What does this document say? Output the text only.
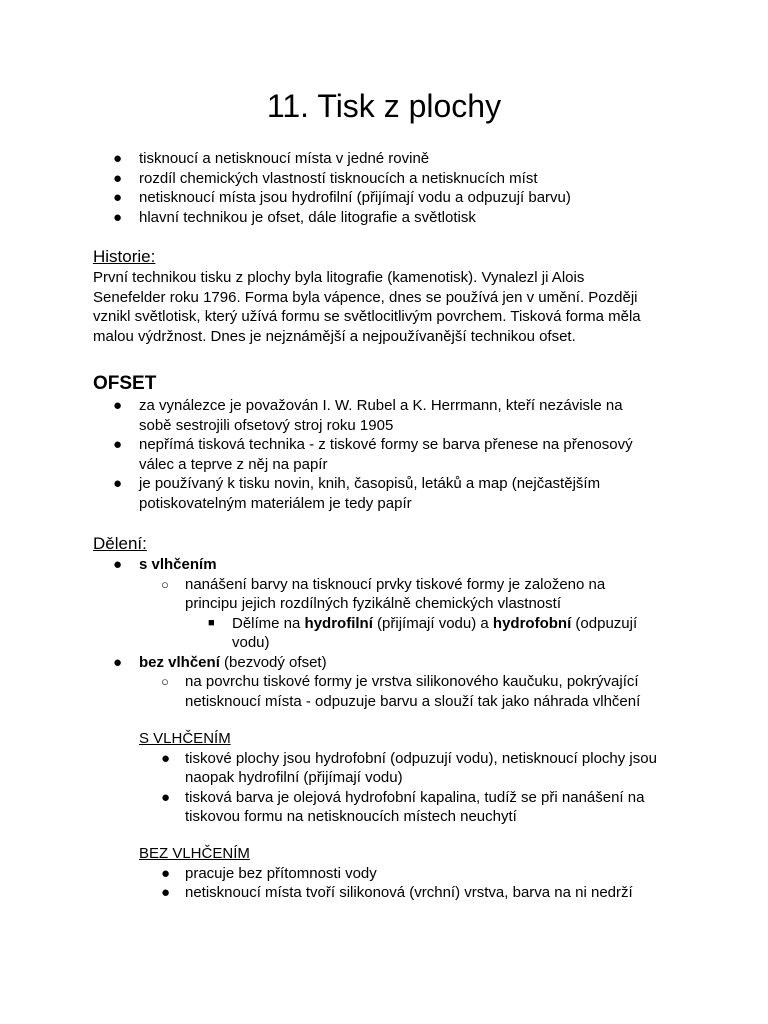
11. Tisk z plochy
●	tisknoucí a netisknoucí místa v jedné rovině
●	rozdíl chemických vlastností tisknoucích a netisknucích míst
●	netisknoucí místa jsou hydrofilní (přijímají vodu a odpuzují barvu)
●	hlavní technikou je ofset, dále litografie a světlotisk
Historie:
První technikou tisku z plochy byla litografie (kamenotisk). Vynalezl ji Alois
Senefelder roku 1796. Forma byla vápence, dnes se používá jen v umění. Později
vznikl světlotisk, který užívá formu se světlocitlivým povrchem. Tisková forma měla
malou výdržnost. Dnes je nejznámější a nejpoužívanější technikou ofset.
OFSET
●	za vynálezce je považován I. W. Rubel a K. Herrmann, kteří nezávisle na
sobě sestrojili ofsetový stroj roku 1905
●	nepřímá tisková technika - z tiskové formy se barva přenese na přenosový
válec a teprve z něj na papír
●	je používaný k tisku novin, knih, časopisů, letáků a map (nejčastějším
potiskovatelným materiálem je tedy papír
Dělení:
●	s vlhčením
○	nanášení barvy na tisknoucí prvky tiskové formy je založeno na
principu jejich rozdílných fyzikálně chemických vlastností
■	Dělíme na hydrofilní (přijímají vodu) a hydrofobní (odpuzují
vodu)
●	bez vlhčení (bezvodý ofset)
○	na povrchu tiskové formy je vrstva silikonového kaučuku, pokrývající
netisknoucí místa - odpuzuje barvu a slouží tak jako náhrada vlhčení
S VLHČENÍM
● tiskové plochy jsou hydrofobní (odpuzují vodu), netisknoucí plochy jsou
naopak hydrofilní (přijímají vodu)
● tisková barva je olejová hydrofobní kapalina, tudíž se při nanášení na
tiskovou formu na netisknoucích místech neuchytí
BEZ VLHČENÍM
● pracuje bez přítomnosti vody
● netisknoucí místa tvoří silikonová (vrchní) vrstva, barva na ni nedrží
